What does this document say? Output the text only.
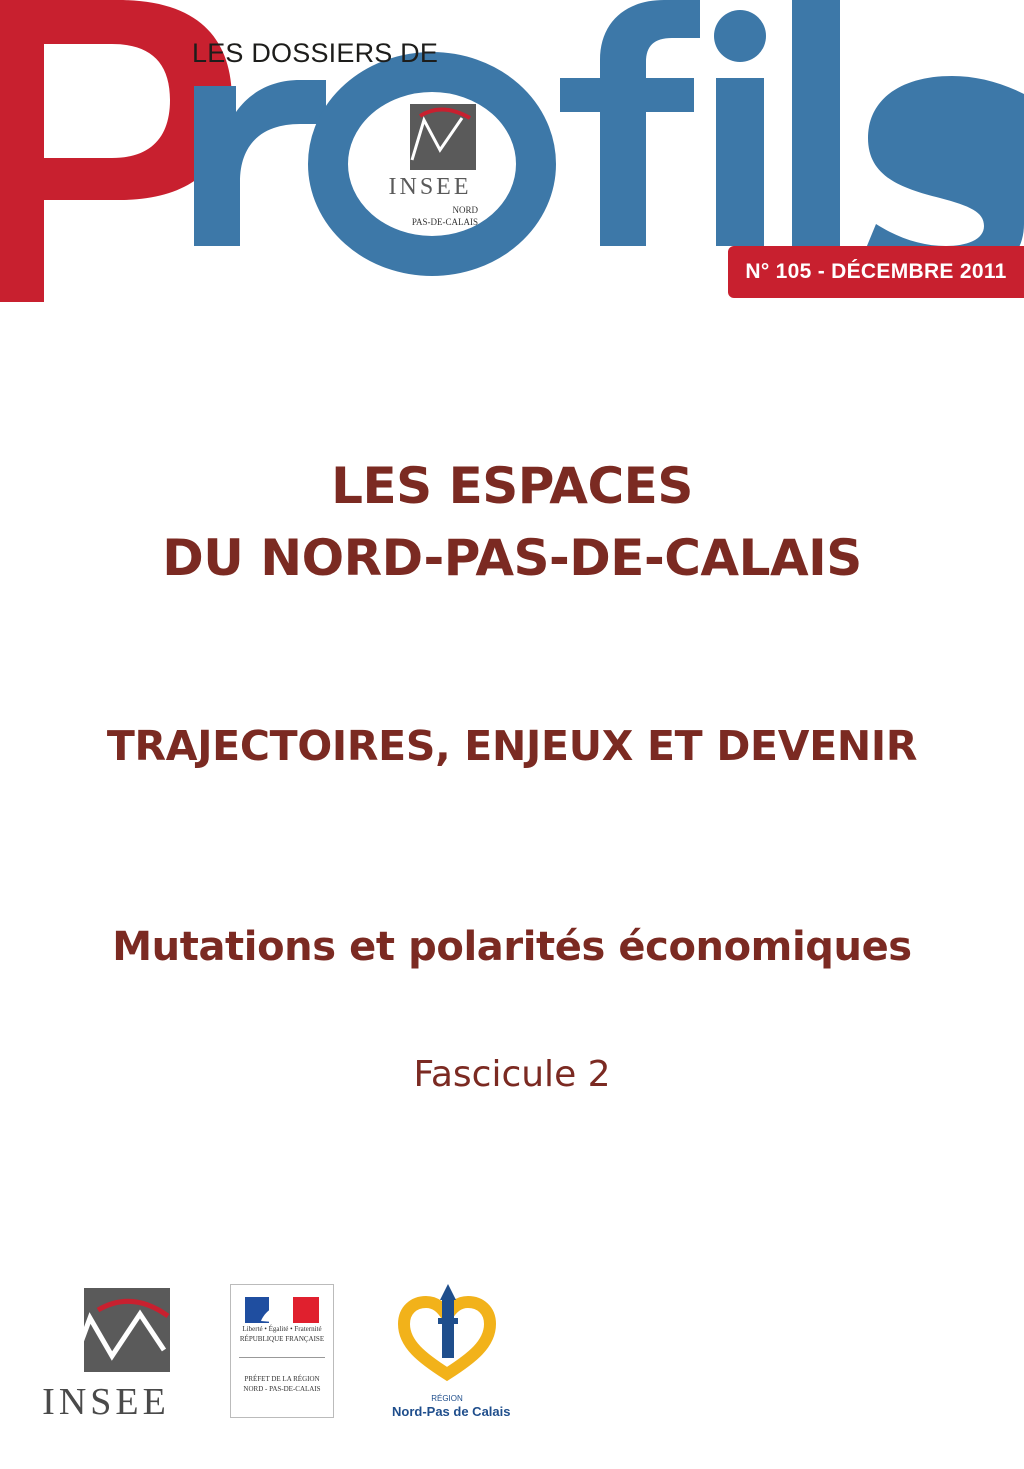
LES DOSSIERS DE
INSEE
NORD
PAS-DE-CALAIS
N° 105 - DÉCEMBRE 2011
LES ESPACES
DU NORD-PAS-DE-CALAIS
TRAJECTOIRES, ENJEUX ET DEVENIR
Mutations et polarités économiques
Fascicule 2
INSEE
Liberté • Égalité • Fraternité
RÉPUBLIQUE FRANÇAISE
PRÉFET DE LA RÉGION
NORD - PAS-DE-CALAIS
RÉGION
Nord-Pas de Calais
